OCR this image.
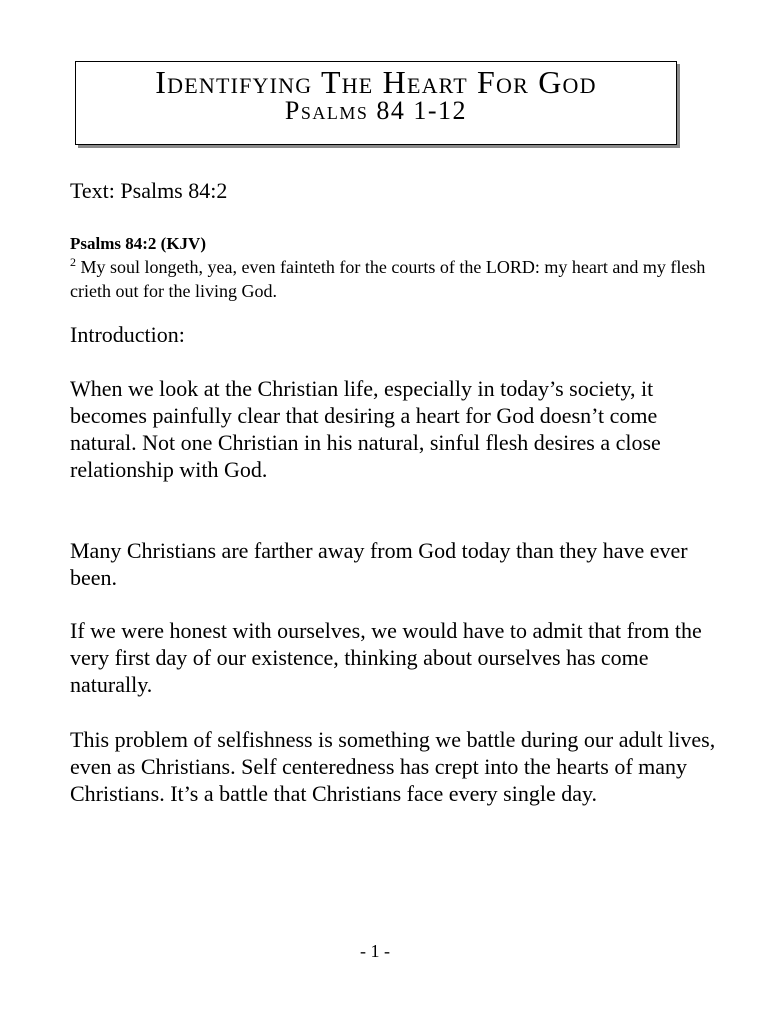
Identifying The Heart For God
Psalms 84 1-12
Text: Psalms 84:2
Psalms 84:2 (KJV)
$^2$ My soul longeth, yea, even fainteth for the courts of the LORD: my heart and my flesh crieth out for the living God.
Introduction:

When we look at the Christian life, especially in today’s society, it becomes painfully clear that desiring a heart for God doesn’t come natural. Not one Christian in his natural, sinful flesh desires a close relationship with God.

Many Christians are farther away from God today than they have ever been.

If we were honest with ourselves, we would have to admit that from the very first day of our existence, thinking about ourselves has come naturally.

This problem of selfishness is something we battle during our adult lives, even as Christians. Self centeredness has crept into the hearts of many Christians. It’s a battle that Christians face every single day.

- 1 -
